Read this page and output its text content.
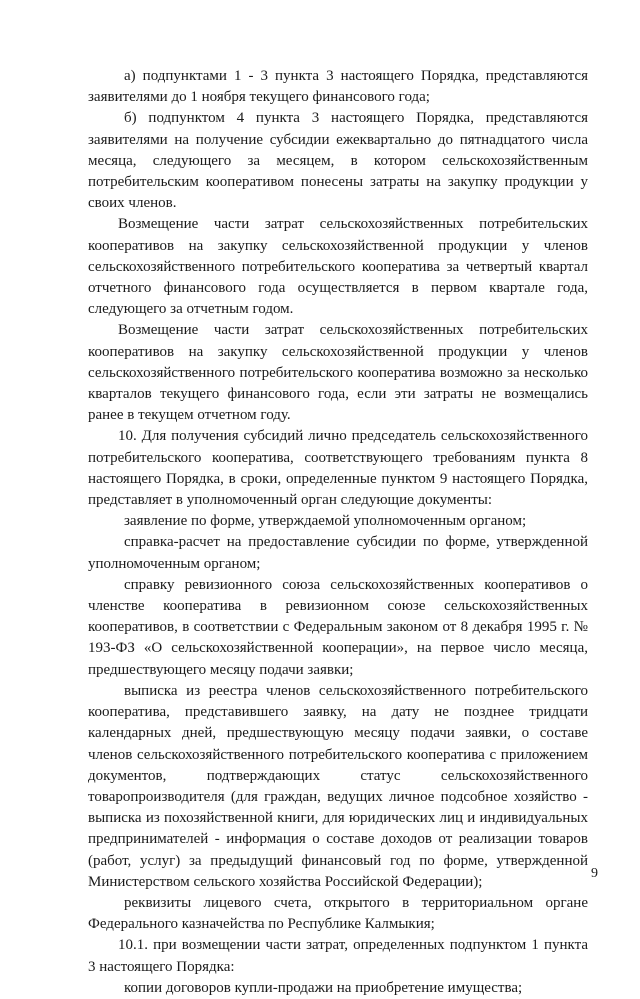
а) подпунктами 1 - 3 пункта 3 настоящего Порядка, представляются заявителями до 1 ноября текущего финансового года;

б) подпунктом 4 пункта 3 настоящего Порядка, представляются заявителями на получение субсидии ежеквартально до пятнадцатого числа месяца, следующего за месяцем, в котором сельскохозяйственным потребительским кооперативом понесены затраты на закупку продукции у своих членов.

Возмещение части затрат сельскохозяйственных потребительских кооперативов на закупку сельскохозяйственной продукции у членов сельскохозяйственного потребительского кооператива за четвертый квартал отчетного финансового года осуществляется в первом квартале года, следующего за отчетным годом.

Возмещение части затрат сельскохозяйственных потребительских кооперативов на закупку сельскохозяйственной продукции у членов сельскохозяйственного потребительского кооператива возможно за несколько кварталов текущего финансового года, если эти затраты не возмещались ранее в текущем отчетном году.

10. Для получения субсидий лично председатель сельскохозяйственного потребительского кооператива, соответствующего требованиям пункта 8 настоящего Порядка, в сроки, определенные пунктом 9 настоящего Порядка, представляет в уполномоченный орган следующие документы:

заявление по форме, утверждаемой уполномоченным органом;

справка-расчет на предоставление субсидии по форме, утвержденной уполномоченным органом;

справку ревизионного союза сельскохозяйственных кооперативов о членстве кооператива в ревизионном союзе сельскохозяйственных кооперативов, в соответствии с Федеральным законом от 8 декабря 1995 г. № 193-ФЗ «О сельскохозяйственной кооперации», на первое число месяца, предшествующего месяцу подачи заявки;

выписка из реестра членов сельскохозяйственного потребительского кооператива, представившего заявку, на дату не позднее тридцати календарных дней, предшествующую месяцу подачи заявки, о составе членов сельскохозяйственного потребительского кооператива с приложением документов, подтверждающих статус сельскохозяйственного товаропроизводителя (для граждан, ведущих личное подсобное хозяйство - выписка из похозяйственной книги, для юридических лиц и индивидуальных предпринимателей - информация о составе доходов от реализации товаров (работ, услуг) за предыдущий финансовый год по форме, утвержденной Министерством сельского хозяйства Российской Федерации);

реквизиты лицевого счета, открытого в территориальном органе Федерального казначейства по Республике Калмыкия;

10.1. при возмещении части затрат, определенных подпунктом 1 пункта 3 настоящего Порядка:

копии договоров купли-продажи на приобретение имущества;

9
